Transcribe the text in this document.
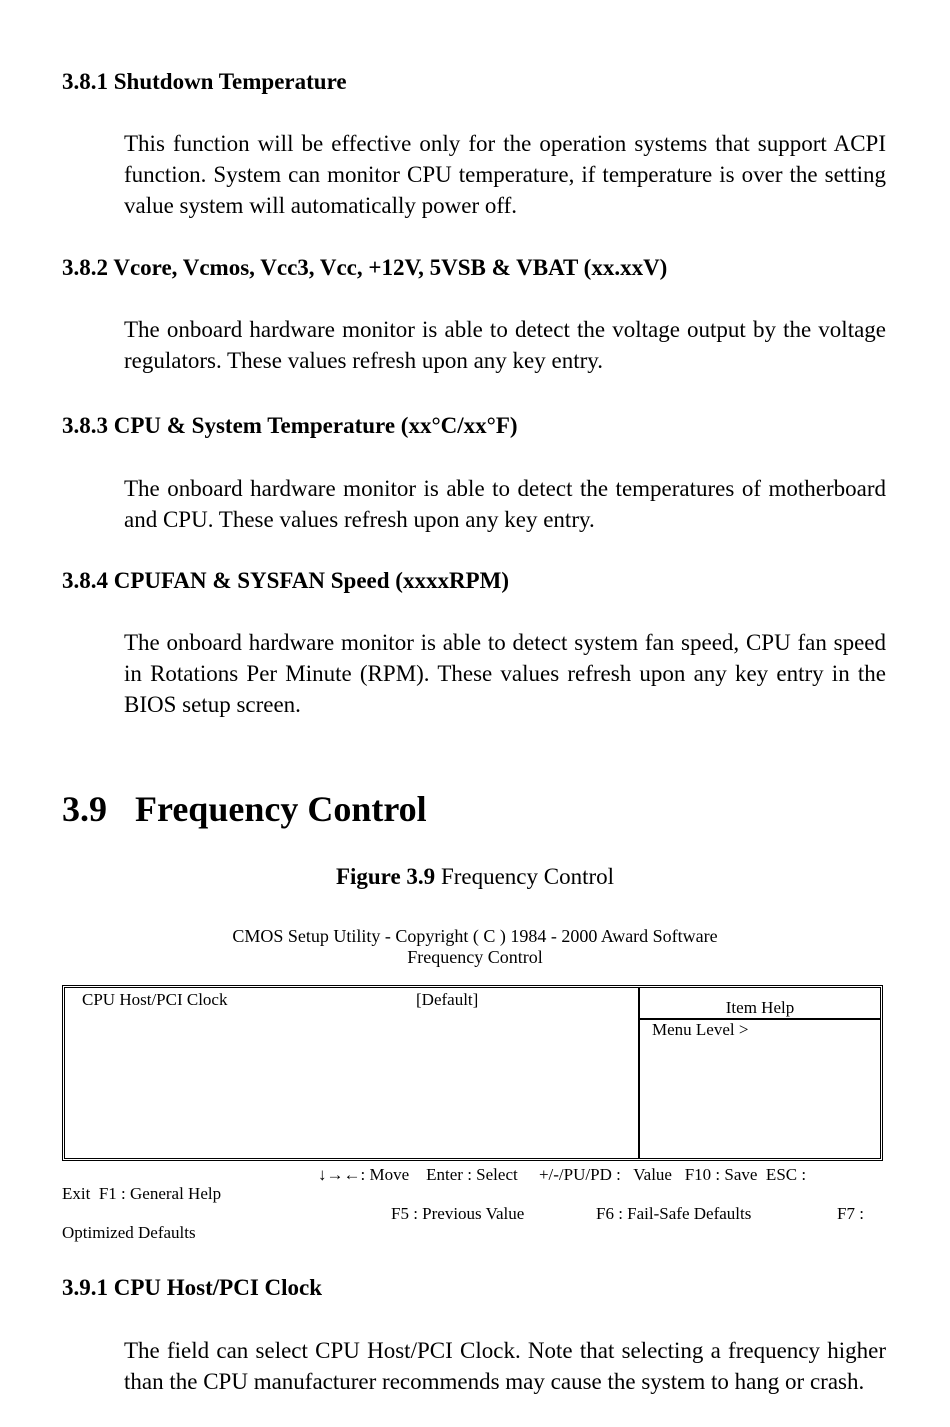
3.8.1 Shutdown Temperature
This function will be effective only for the operation systems that support ACPI function. System can monitor CPU temperature, if temperature is over the setting value system will automatically power off.
3.8.2 Vcore, Vcmos, Vcc3, Vcc, +12V, 5VSB & VBAT (xx.xxV)
The onboard hardware monitor is able to detect the voltage output by the voltage regulators. These values refresh upon any key entry.
3.8.3 CPU & System Temperature (xx°C/xx°F)
The onboard hardware monitor is able to detect the temperatures of motherboard and CPU. These values refresh upon any key entry.
3.8.4 CPUFAN & SYSFAN Speed (xxxxRPM)
The onboard hardware monitor is able to detect system fan speed, CPU fan speed in Rotations Per Minute (RPM). These values refresh upon any key entry in the BIOS setup screen.
3.9 Frequency Control
Figure 3.9 Frequency Control
CMOS Setup Utility - Copyright ( C ) 1984 - 2000 Award Software
Frequency Control
CPU Host/PCI Clock	[Default]	Item Help
Menu Level >
↓→←: Move    Enter : Select     +/-/PU/PD :   Value   F10 : Save  ESC :
Exit  F1 : General Help
F5 : Previous Value	F6 : Fail-Safe Defaults	F7 :
Optimized Defaults
3.9.1 CPU Host/PCI Clock
The field can select CPU Host/PCI Clock. Note that selecting a frequency higher than the CPU manufacturer recommends may cause the system to hang or crash.
